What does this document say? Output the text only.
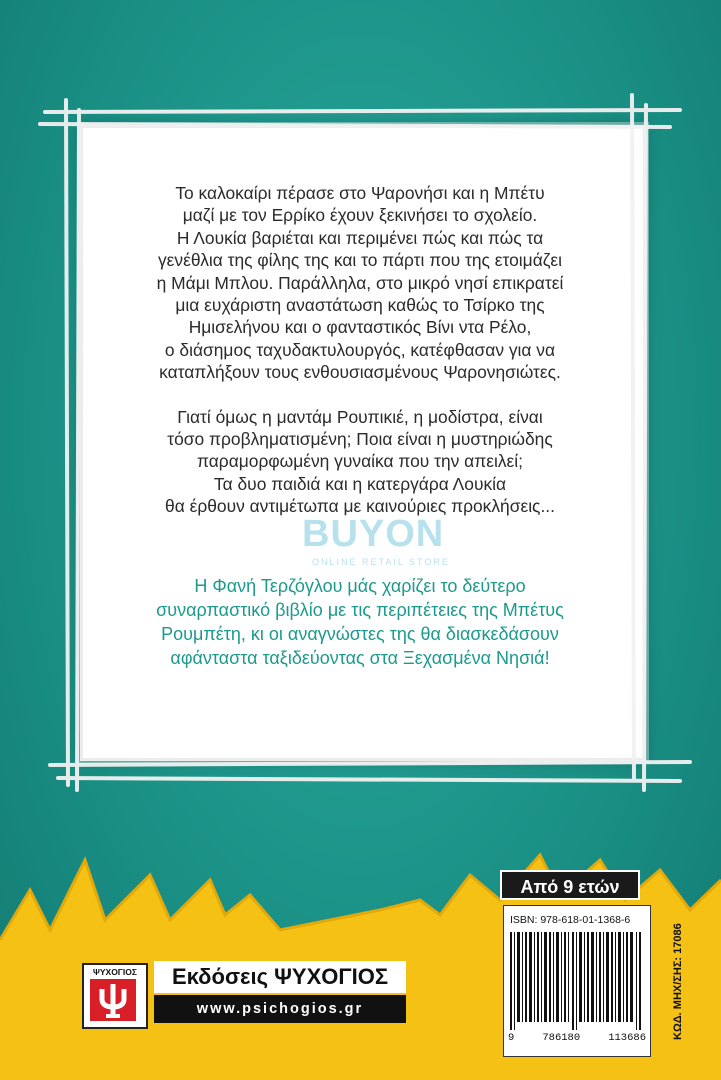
Το καλοκαίρι πέρασε στο Ψαρονήσι και η Μπέτυ

μαζί με τον Ερρίκο έχουν ξεκινήσει το σχολείο.

Η Λουκία βαριέται και περιμένει πώς και πώς τα

γενέθλια της φίλης της και το πάρτι που της ετοιμάζει

η Μάμι Μπλου. Παράλληλα, στο μικρό νησί επικρατεί

μια ευχάριστη αναστάτωση καθώς το Τσίρκο της

Ημισελήνου και ο φανταστικός Βίνι ντα Ρέλο,

ο διάσημος ταχυδακτυλουργός, κατέφθασαν για να

καταπλήξουν τους ενθουσιασμένους Ψαρονησιώτες.

Γιατί όμως η μαντάμ Ρουπικιέ, η μοδίστρα, είναι

τόσο προβληματισμένη; Ποια είναι η μυστηριώδης

παραμορφωμένη γυναίκα που την απειλεί;

Τα δυο παιδιά και η κατεργάρα Λουκία

θα έρθουν αντιμέτωπα με καινούριες προκλήσεις...

BUYON
ONLINE RETAIL STORE
Η Φανή Τερζόγλου μάς χαρίζει το δεύτερο
συναρπαστικό βιβλίο με τις περιπέτειες της Μπέτυς
Ρουμπέτη, κι οι αναγνώστες της θα διασκεδάσουν
αφάνταστα ταξιδεύοντας στα Ξεχασμένα Νησιά!
Από 9 ετών
ISBN: 978-618-01-1368-6
9	786180	113686 ΚΩΔ. ΜΗΧ/ΣΗΣ: 17086
ΨΥΧΟΓΙΟΣ	Εκδόσεις ΨΥΧΟΓΙΟΣ
www.psichogios.gr
